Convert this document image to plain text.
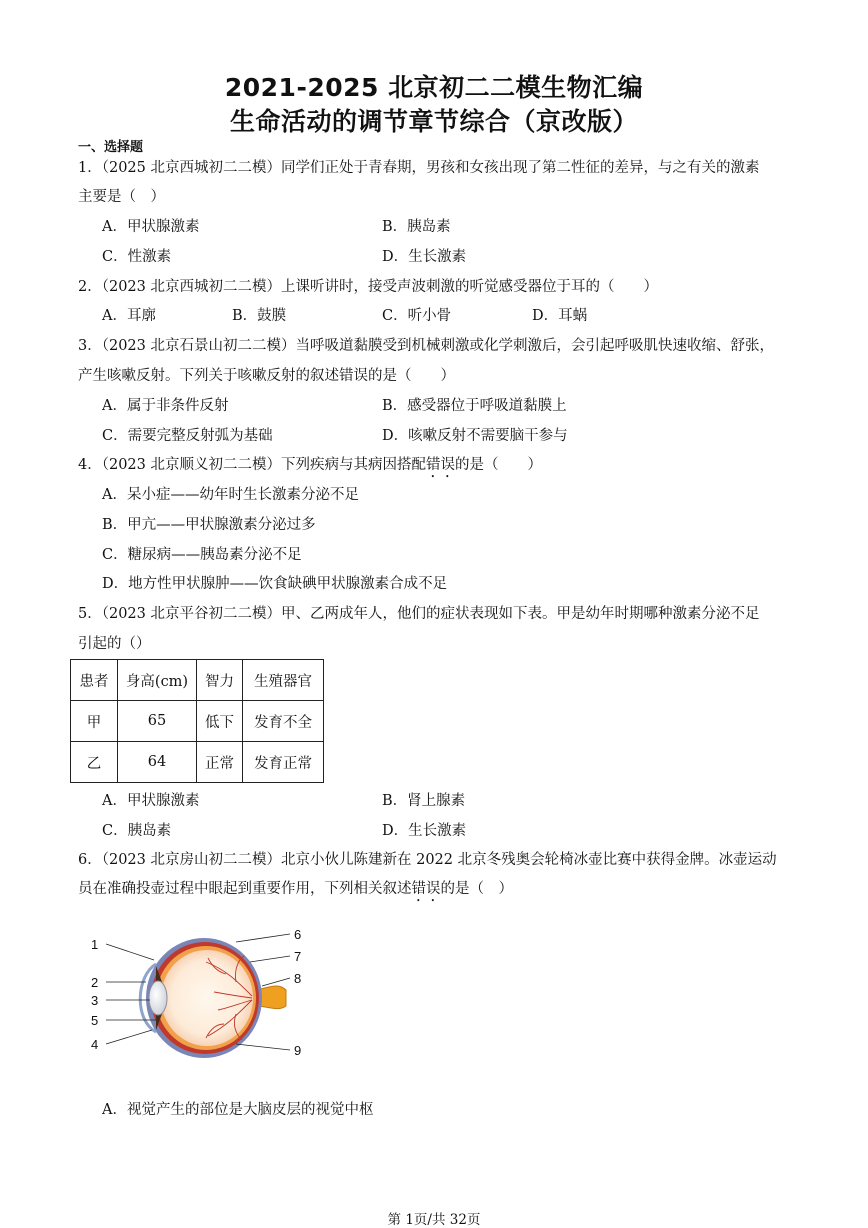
2021-2025 北京初二二模生物汇编
生命活动的调节章节综合（京改版）
一、选择题
1．（2025 北京西城初二二模）同学们正处于青春期，男孩和女孩出现了第二性征的差异，与之有关的激素
主要是（　）
A．甲状腺激素	B．胰岛素
C．性激素	D．生长激素
2．（2023 北京西城初二二模）上课听讲时，接受声波刺激的听觉感受器位于耳的（　　）
A．耳廓	B．鼓膜	C．听小骨	D．耳蜗
3．（2023 北京石景山初二二模）当呼吸道黏膜受到机械刺激或化学刺激后，会引起呼吸肌快速收缩、舒张，
产生咳嗽反射。下列关于咳嗽反射的叙述错误的是（　　）
A．属于非条件反射	B．感受器位于呼吸道黏膜上
C．需要完整反射弧为基础	D．咳嗽反射不需要脑干参与
4．（2023 北京顺义初二二模）下列疾病与其病因搭配错误的是（　　）
A．呆小症——幼年时生长激素分泌不足
B．甲亢——甲状腺激素分泌过多
C．糖尿病——胰岛素分泌不足
D．地方性甲状腺肿——饮食缺碘甲状腺激素合成不足
5．（2023 北京平谷初二二模）甲、乙两成年人，他们的症状表现如下表。甲是幼年时期哪种激素分泌不足
引起的（）
患者	身高(cm)	智力	生殖器官
甲	65	低下	发育不全
乙	64	正常	发育正常
A．甲状腺激素	B．肾上腺素
C．胰岛素	D．生长激素
6．（2023 北京房山初二二模）北京小伙儿陈建新在 2022 北京冬残奥会轮椅冰壶比赛中获得金牌。冰壶运动
员在准确投壶过程中眼起到重要作用，下列相关叙述错误的是（　）
1
2
3
5
4
6
7
8
9
A．视觉产生的部位是大脑皮层的视觉中枢
第 1页/共 32页
